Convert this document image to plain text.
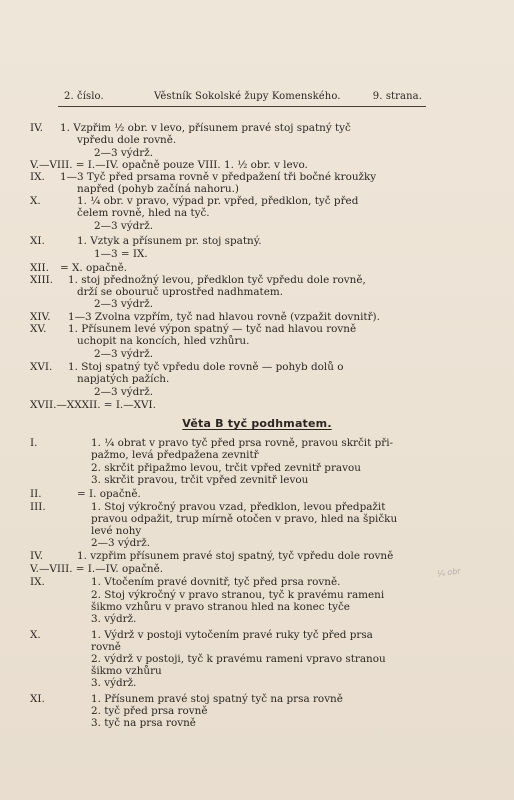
2. číslo.	Věstník Sokolské župy Komenského.	9. strana.
Věta B tyč podhmatem.
IV. 1. Vzpřim ½ obr. v levo, přísunem pravé stoj spatný tyč
vpředu dole rovně.
2—3 výdrž.
V.—VIII. = I.—IV. opačně pouze VIII. 1. ½ obr. v levo.
IX. 1—3 Tyč před prsama rovně v předpažení tři bočné kroužky
napřed (pohyb začíná nahoru.)
X.	1. ¼ obr. v pravo, výpad pr. vpřed, předklon, tyč před
čelem rovně, hled na tyč.
2—3 výdrž.
XI.	1. Vztyk a přísunem pr. stoj spatný.
1—3 = IX.
XII. = X. opačně.
XIII. 1. stoj přednožný levou, předklon tyč vpředu dole rovně,
drží se obouruč uprostřed nadhmatem.
2—3 výdrž.
XIV. 1—3 Zvolna vzpřím, tyč nad hlavou rovně (vzpažit dovnitř).
XV. 1. Přísunem levé výpon spatný — tyč nad hlavou rovně
uchopit na koncích, hled vzhůru.
2—3 výdrž.
XVI. 1. Stoj spatný tyč vpředu dole rovně — pohyb dolů o
napjatých pažích.
2—3 výdrž.
XVII.—XXXII. = I.—XVI.
I.	1. ¼ obrat v pravo tyč před prsa rovně, pravou skrčit při-
pažmo, levá předpažena zevnitř
2. skrčit připažmo levou, trčit vpřed zevnitř pravou
3. skrčit pravou, trčit vpřed zevnitř levou
II.	= I. opačně.
III.	1. Stoj výkročný pravou vzad, předklon, levou předpažit
pravou odpažit, trup mírně otočen v pravo, hled na špičku
levé nohy
2—3 výdrž.
IV.	1. vzpřim přísunem pravé stoj spatný, tyč vpředu dole rovně
V.—VIII. = I.—IV. opačně.
IX.	1. Vtočením pravé dovnitř, tyč před prsa rovně.
2. Stoj výkročný v pravo stranou, tyč k pravému rameni
šikmo vzhůru v pravo stranou hled na konec tyče
3. výdrž.
X.	1. Výdrž v postoji vytočením pravé ruky tyč před prsa
rovně
2. výdrž v postoji, tyč k pravému rameni vpravo stranou
šikmo vzhůru
3. výdrž.
XI.	1. Přísunem pravé stoj spatný tyč na prsa rovně
2. tyč před prsa rovně
3. tyč na prsa rovně
¼ obr
